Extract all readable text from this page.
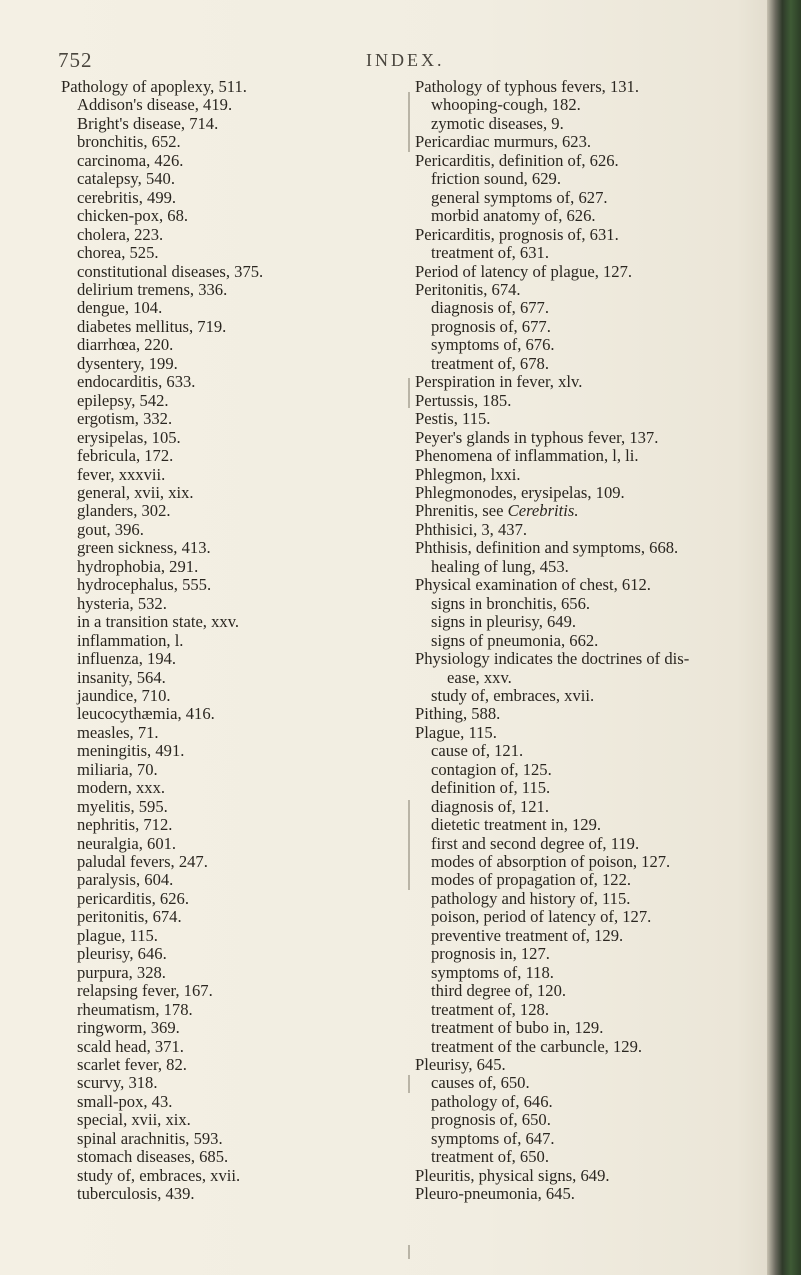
752	INDEX.
Pathology of apoplexy, 511.
Addison's disease, 419.
Bright's disease, 714.
bronchitis, 652.
carcinoma, 426.
catalepsy, 540.
cerebritis, 499.
chicken-pox, 68.
cholera, 223.
chorea, 525.
constitutional diseases, 375.
delirium tremens, 336.
dengue, 104.
diabetes mellitus, 719.
diarrhœa, 220.
dysentery, 199.
endocarditis, 633.
epilepsy, 542.
ergotism, 332.
erysipelas, 105.
febricula, 172.
fever, xxxvii.
general, xvii, xix.
glanders, 302.
gout, 396.
green sickness, 413.
hydrophobia, 291.
hydrocephalus, 555.
hysteria, 532.
in a transition state, xxv.
inflammation, l.
influenza, 194.
insanity, 564.
jaundice, 710.
leucocythæmia, 416.
measles, 71.
meningitis, 491.
miliaria, 70.
modern, xxx.
myelitis, 595.
nephritis, 712.
neuralgia, 601.
paludal fevers, 247.
paralysis, 604.
pericarditis, 626.
peritonitis, 674.
plague, 115.
pleurisy, 646.
purpura, 328.
relapsing fever, 167.
rheumatism, 178.
ringworm, 369.
scald head, 371.
scarlet fever, 82.
scurvy, 318.
small-pox, 43.
special, xvii, xix.
spinal arachnitis, 593.
stomach diseases, 685.
study of, embraces, xvii.
tuberculosis, 439.
Pathology of typhous fevers, 131.
whooping-cough, 182.
zymotic diseases, 9.
Pericardiac murmurs, 623.
Pericarditis, definition of, 626.
friction sound, 629.
general symptoms of, 627.
morbid anatomy of, 626.
Pericarditis, prognosis of, 631.
treatment of, 631.
Period of latency of plague, 127.
Peritonitis, 674.
diagnosis of, 677.
prognosis of, 677.
symptoms of, 676.
treatment of, 678.
Perspiration in fever, xlv.
Pertussis, 185.
Pestis, 115.
Peyer's glands in typhous fever, 137.
Phenomena of inflammation, l, li.
Phlegmon, lxxi.
Phlegmonodes, erysipelas, 109.
Phrenitis, see Cerebritis.
Phthisici, 3, 437.
Phthisis, definition and symptoms, 668.
healing of lung, 453.
Physical examination of chest, 612.
signs in bronchitis, 656.
signs in pleurisy, 649.
signs of pneumonia, 662.
Physiology indicates the doctrines of dis-
ease, xxv.
study of, embraces, xvii.
Pithing, 588.
Plague, 115.
cause of, 121.
contagion of, 125.
definition of, 115.
diagnosis of, 121.
dietetic treatment in, 129.
first and second degree of, 119.
modes of absorption of poison, 127.
modes of propagation of, 122.
pathology and history of, 115.
poison, period of latency of, 127.
preventive treatment of, 129.
prognosis in, 127.
symptoms of, 118.
third degree of, 120.
treatment of, 128.
treatment of bubo in, 129.
treatment of the carbuncle, 129.
Pleurisy, 645.
causes of, 650.
pathology of, 646.
prognosis of, 650.
symptoms of, 647.
treatment of, 650.
Pleuritis, physical signs, 649.
Pleuro-pneumonia, 645.
